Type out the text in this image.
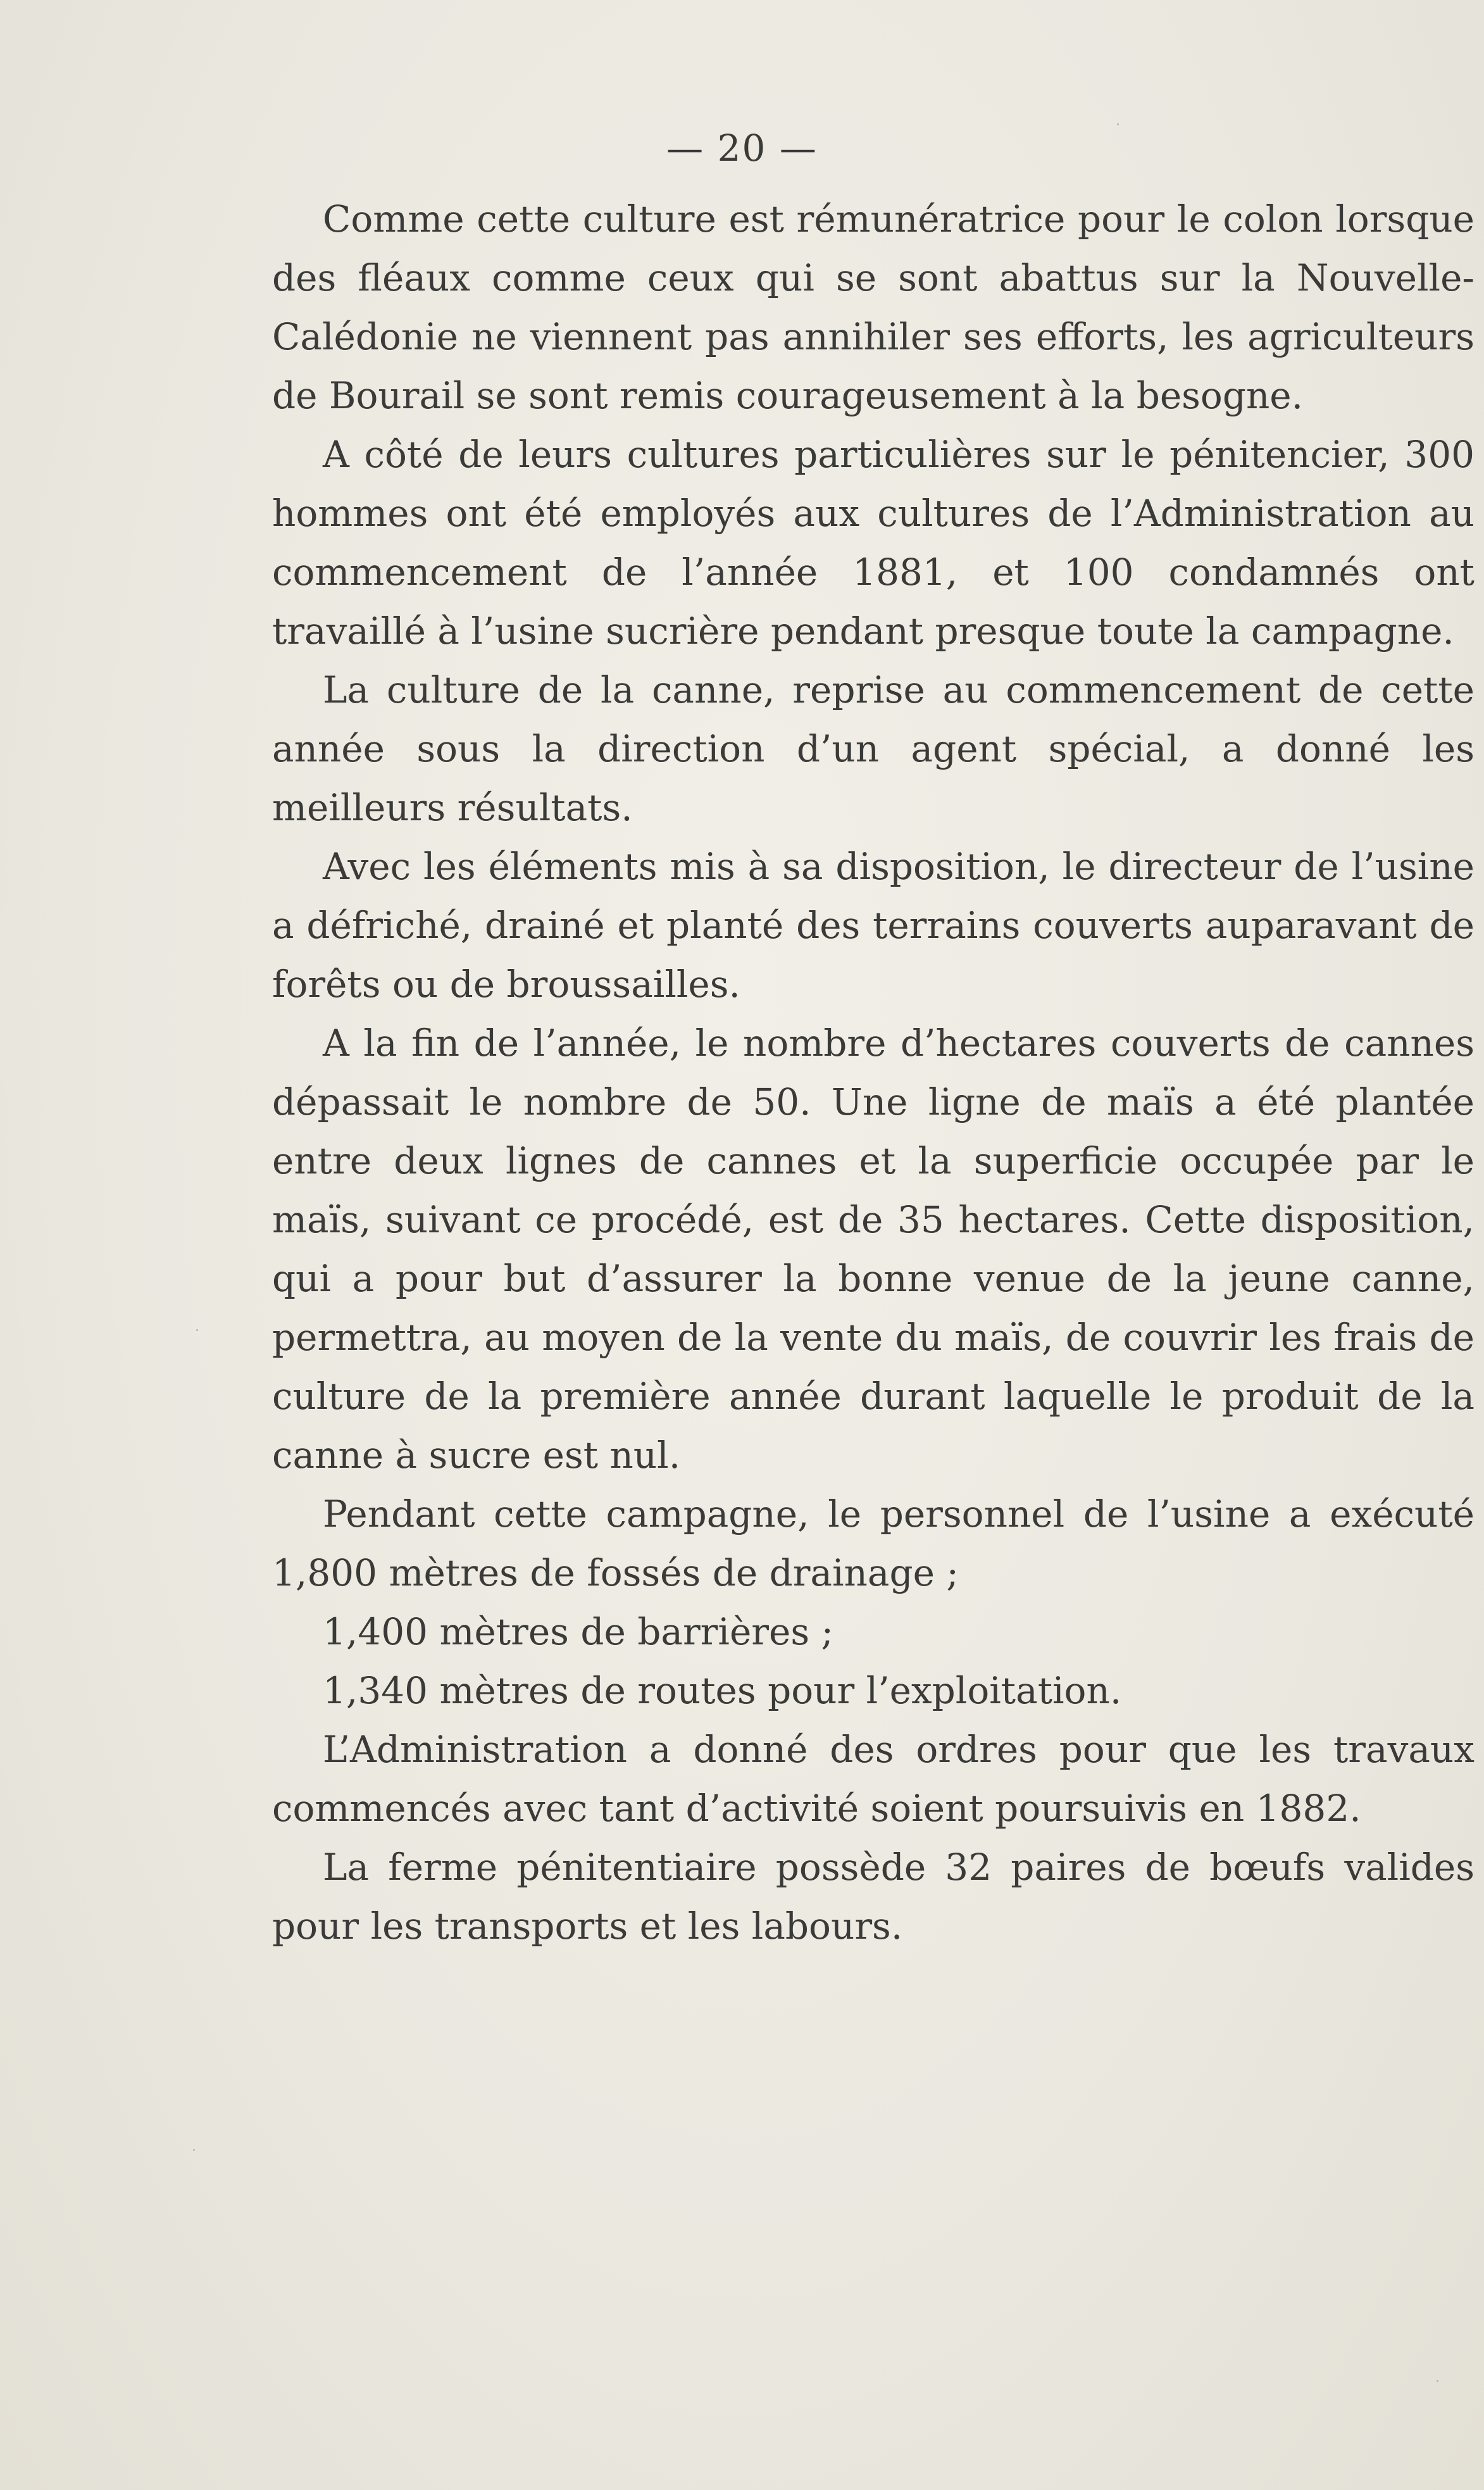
— 20 —

Comme cette culture est rémunératrice pour le colon lorsque des fléaux comme ceux qui se sont abattus sur la Nouvelle-Calédonie ne viennent pas annihiler ses efforts, les agriculteurs de Bourail se sont remis courageusement à la besogne.

A côté de leurs cultures particulières sur le pénitencier, 300 hommes ont été employés aux cultures de l’Administration au commencement de l’année 1881, et 100 condamnés ont travaillé à l’usine sucrière pendant presque toute la campagne.

La culture de la canne, reprise au commencement de cette année sous la direction d’un agent spécial, a donné les meilleurs résultats.

Avec les éléments mis à sa disposition, le directeur de l’usine a défriché, drainé et planté des terrains couverts auparavant de forêts ou de broussailles.

A la fin de l’année, le nombre d’hectares couverts de cannes dépassait le nombre de 50. Une ligne de maïs a été plantée entre deux lignes de cannes et la superficie occupée par le maïs, suivant ce procédé, est de 35 hectares. Cette disposition, qui a pour but d’assurer la bonne venue de la jeune canne, permettra, au moyen de la vente du maïs, de couvrir les frais de culture de la première année durant laquelle le produit de la canne à sucre est nul.

Pendant cette campagne, le personnel de l’usine a exécuté 1,800 mètres de fossés de drainage ;

1,400 mètres de barrières ;

1,340 mètres de routes pour l’exploitation.

L’Administration a donné des ordres pour que les travaux commencés avec tant d’activité soient poursuivis en 1882.

La ferme pénitentiaire possède 32 paires de bœufs valides pour les transports et les labours.
